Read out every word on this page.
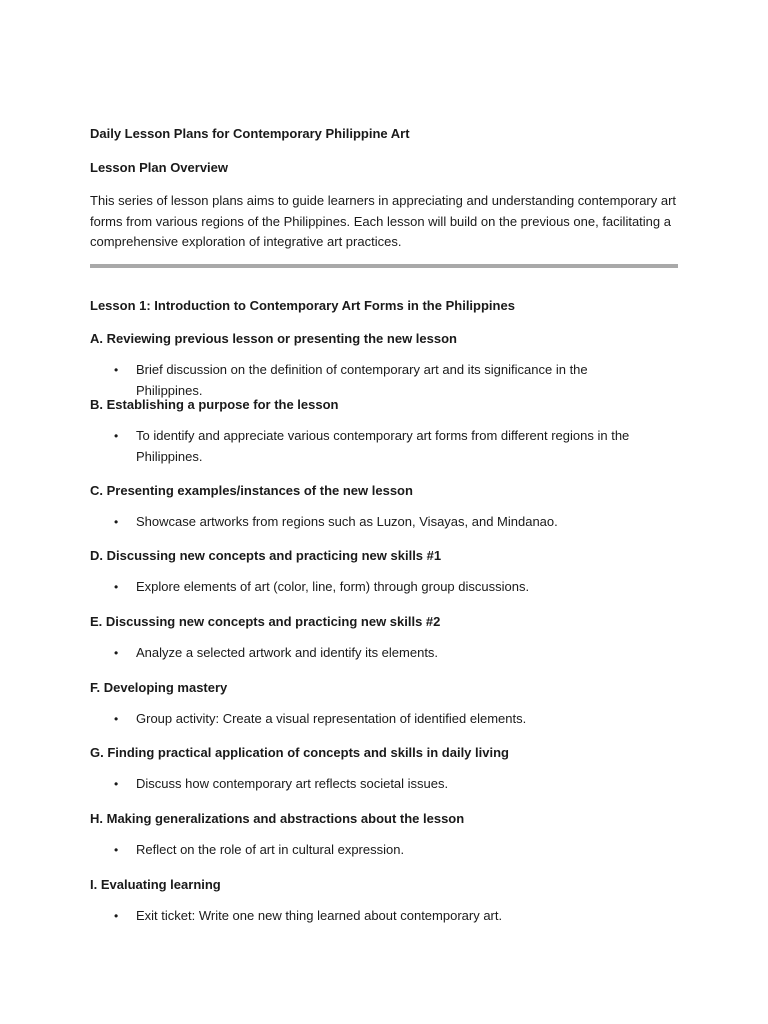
Daily Lesson Plans for Contemporary Philippine Art
Lesson Plan Overview
This series of lesson plans aims to guide learners in appreciating and understanding contemporary art forms from various regions of the Philippines. Each lesson will build on the previous one, facilitating a comprehensive exploration of integrative art practices.
Lesson 1: Introduction to Contemporary Art Forms in the Philippines
A. Reviewing previous lesson or presenting the new lesson
• Brief discussion on the definition of contemporary art and its significance in the Philippines.
B. Establishing a purpose for the lesson
• To identify and appreciate various contemporary art forms from different regions in the Philippines.
C. Presenting examples/instances of the new lesson
• Showcase artworks from regions such as Luzon, Visayas, and Mindanao.
D. Discussing new concepts and practicing new skills #1
• Explore elements of art (color, line, form) through group discussions.
E. Discussing new concepts and practicing new skills #2
• Analyze a selected artwork and identify its elements.
F. Developing mastery
• Group activity: Create a visual representation of identified elements.
G. Finding practical application of concepts and skills in daily living
• Discuss how contemporary art reflects societal issues.
H. Making generalizations and abstractions about the lesson
• Reflect on the role of art in cultural expression.
I. Evaluating learning
• Exit ticket: Write one new thing learned about contemporary art.
